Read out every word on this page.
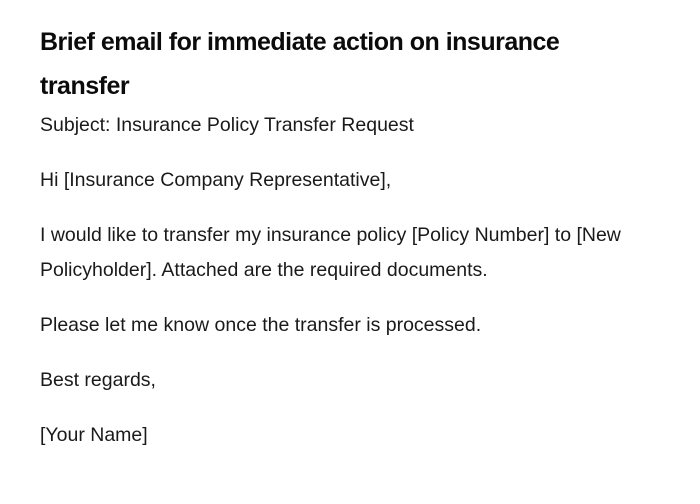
Brief email for immediate action on insurance transfer

Subject: Insurance Policy Transfer Request

Hi [Insurance Company Representative],

I would like to transfer my insurance policy [Policy Number] to [New Policyholder]. Attached are the required documents.

Please let me know once the transfer is processed.

Best regards,

[Your Name]
